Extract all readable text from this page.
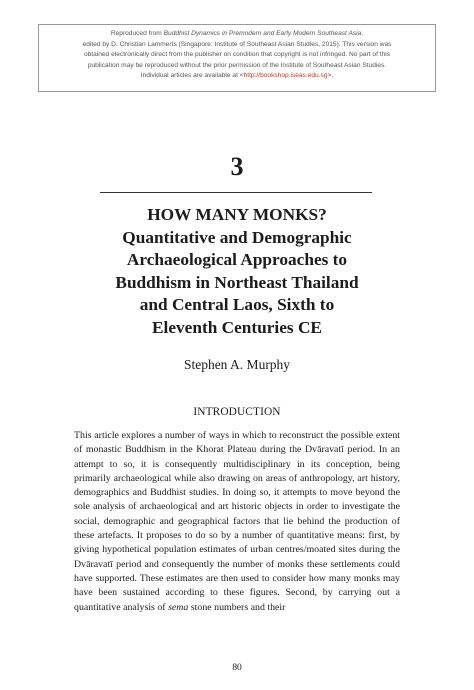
Reproduced from Buddhist Dynamics in Premodern and Early Modern Southeast Asia,
edited by D. Christian Lammerts (Singapore: Institute of Southeast Asian Studies, 2015). This version was
obtained electronically direct from the publisher on condition that copyright is not infringed. No part of this
publication may be reproduced without the prior permission of the Institute of Southeast Asian Studies.
Individual articles are available at <http://bookshop.iseas.edu.sg>.
3
HOW MANY MONKS?
Quantitative and Demographic
Archaeological Approaches to
Buddhism in Northeast Thailand
and Central Laos, Sixth to
Eleventh Centuries CE
Stephen A. Murphy
INTRODUCTION

This article explores a number of ways in which to reconstruct the possible extent of monastic Buddhism in the Khorat Plateau during the Dvāravatī period. In an attempt to so, it is consequently multidisciplinary in its conception, being primarily archaeological while also drawing on areas of anthropology, art history, demographics and Buddhist studies. In doing so, it attempts to move beyond the sole analysis of archaeological and art historic objects in order to investigate the social, demographic and geographical factors that lie behind the production of these artefacts. It proposes to do so by a number of quantitative means: first, by giving hypothetical population estimates of urban centres/moated sites during the Dvāravatī period and consequently the number of monks these settlements could have supported. These estimates are then used to consider how many monks may have been sustained according to these figures. Second, by carrying out a quantitative analysis of sema stone numbers and their

80
